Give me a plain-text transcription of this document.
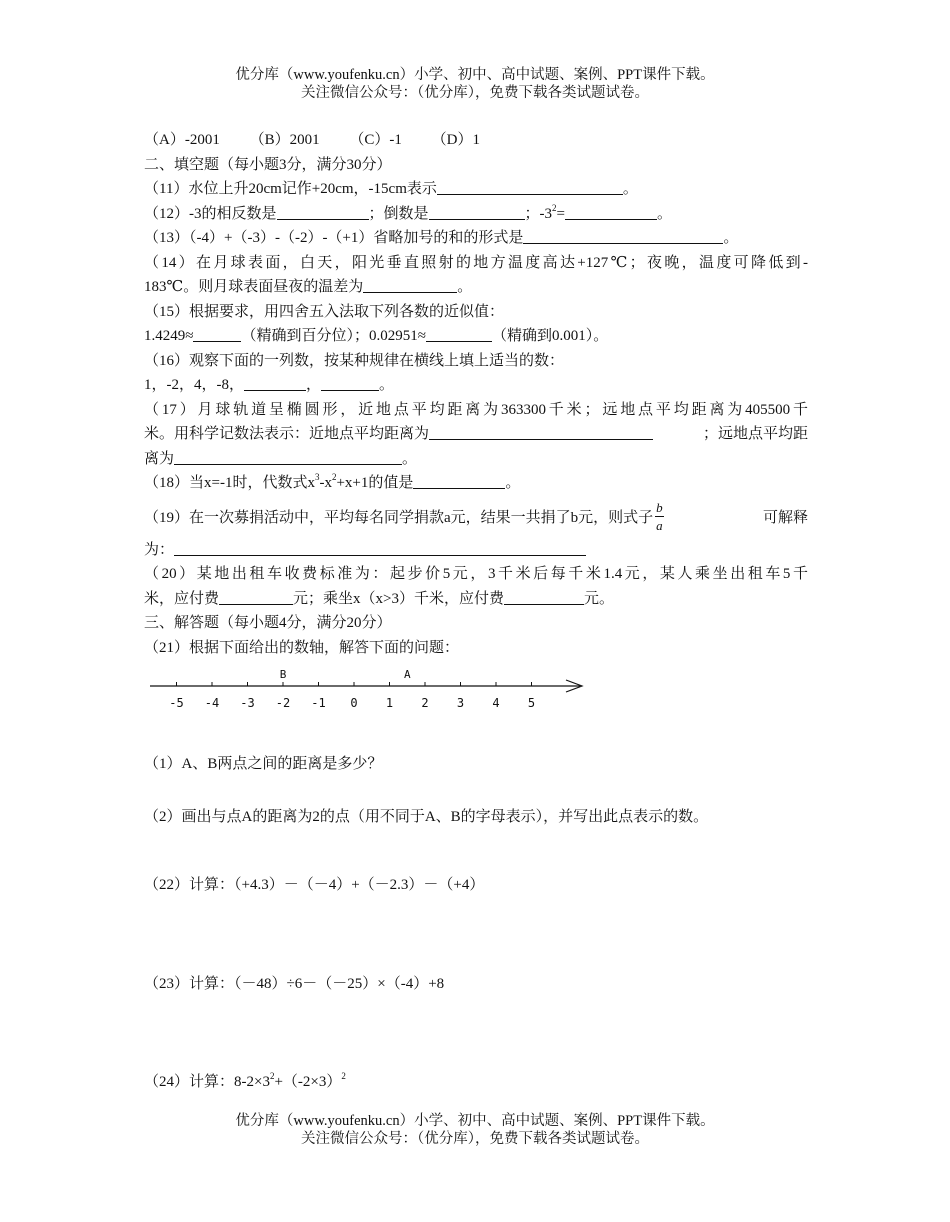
优分库（www.youfenku.cn）小学、初中、高中试题、案例、PPT课件下载。
关注微信公众号：（优分库），免费下载各类试题试卷。
（A）-2001 （B）2001 （C）-1 （D）1
二、填空题（每小题3分，满分30分）
（11）水位上升20cm记作+20cm，-15cm表示	。
（12）-3的相反数是	；倒数是	；$-3^2=$	。
（13）（-4）+（-3）-（-2）-（+1）省略加号的和的形式是	。
（14）在月球表面，白天，阳光垂直照射的地方温度高达+127℃；夜晚，温度可降低到-
183℃。则月球表面昼夜的温差为	。
（15）根据要求，用四舍五入法取下列各数的近似值：
1.4249≈	（精确到百分位）；0.02951≈	（精确到0.001）。
（16）观察下面的一列数，按某种规律在横线上填上适当的数：
1，-2，4，-8，	，	。
（17）月球轨道呈椭圆形，近地点平均距离为363300千米；远地点平均距离为405500千
米。用科学记数法表示：近地点平均距离为	；远地点平均距
离为	。
（18）当x=-1时，代数式$x^3-x^2+x+1$的值是	。
（19）在一次募捐活动中，平均每名同学捐款a元，结果一共捐了b元，则式子 $\frac{b}{a}$	可解释
为：
（20）某地出租车收费标准为：起步价5元，3千米后每千米1.4元，某人乘坐出租车5千
米，应付费	元；乘坐x（x>3）千米，应付费	元。
三、解答题（每小题4分，满分20分）
（21）根据下面给出的数轴，解答下面的问题：
-5 -4 -3 -2 -1 0 1 2 3 4 5
B	A
（1）A、B两点之间的距离是多少？
（2）画出与点A的距离为2的点（用不同于A、B的字母表示），并写出此点表示的数。
（22）计算：（+4.3）－（－4）+（－2.3）－（+4）
（23）计算：（－48）÷6－（－25）×（-4）+8
（24）计算：$8-2\times 3^2+(-2\times 3)^2$
优分库（www.youfenku.cn）小学、初中、高中试题、案例、PPT课件下载。
关注微信公众号：（优分库），免费下载各类试题试卷。
